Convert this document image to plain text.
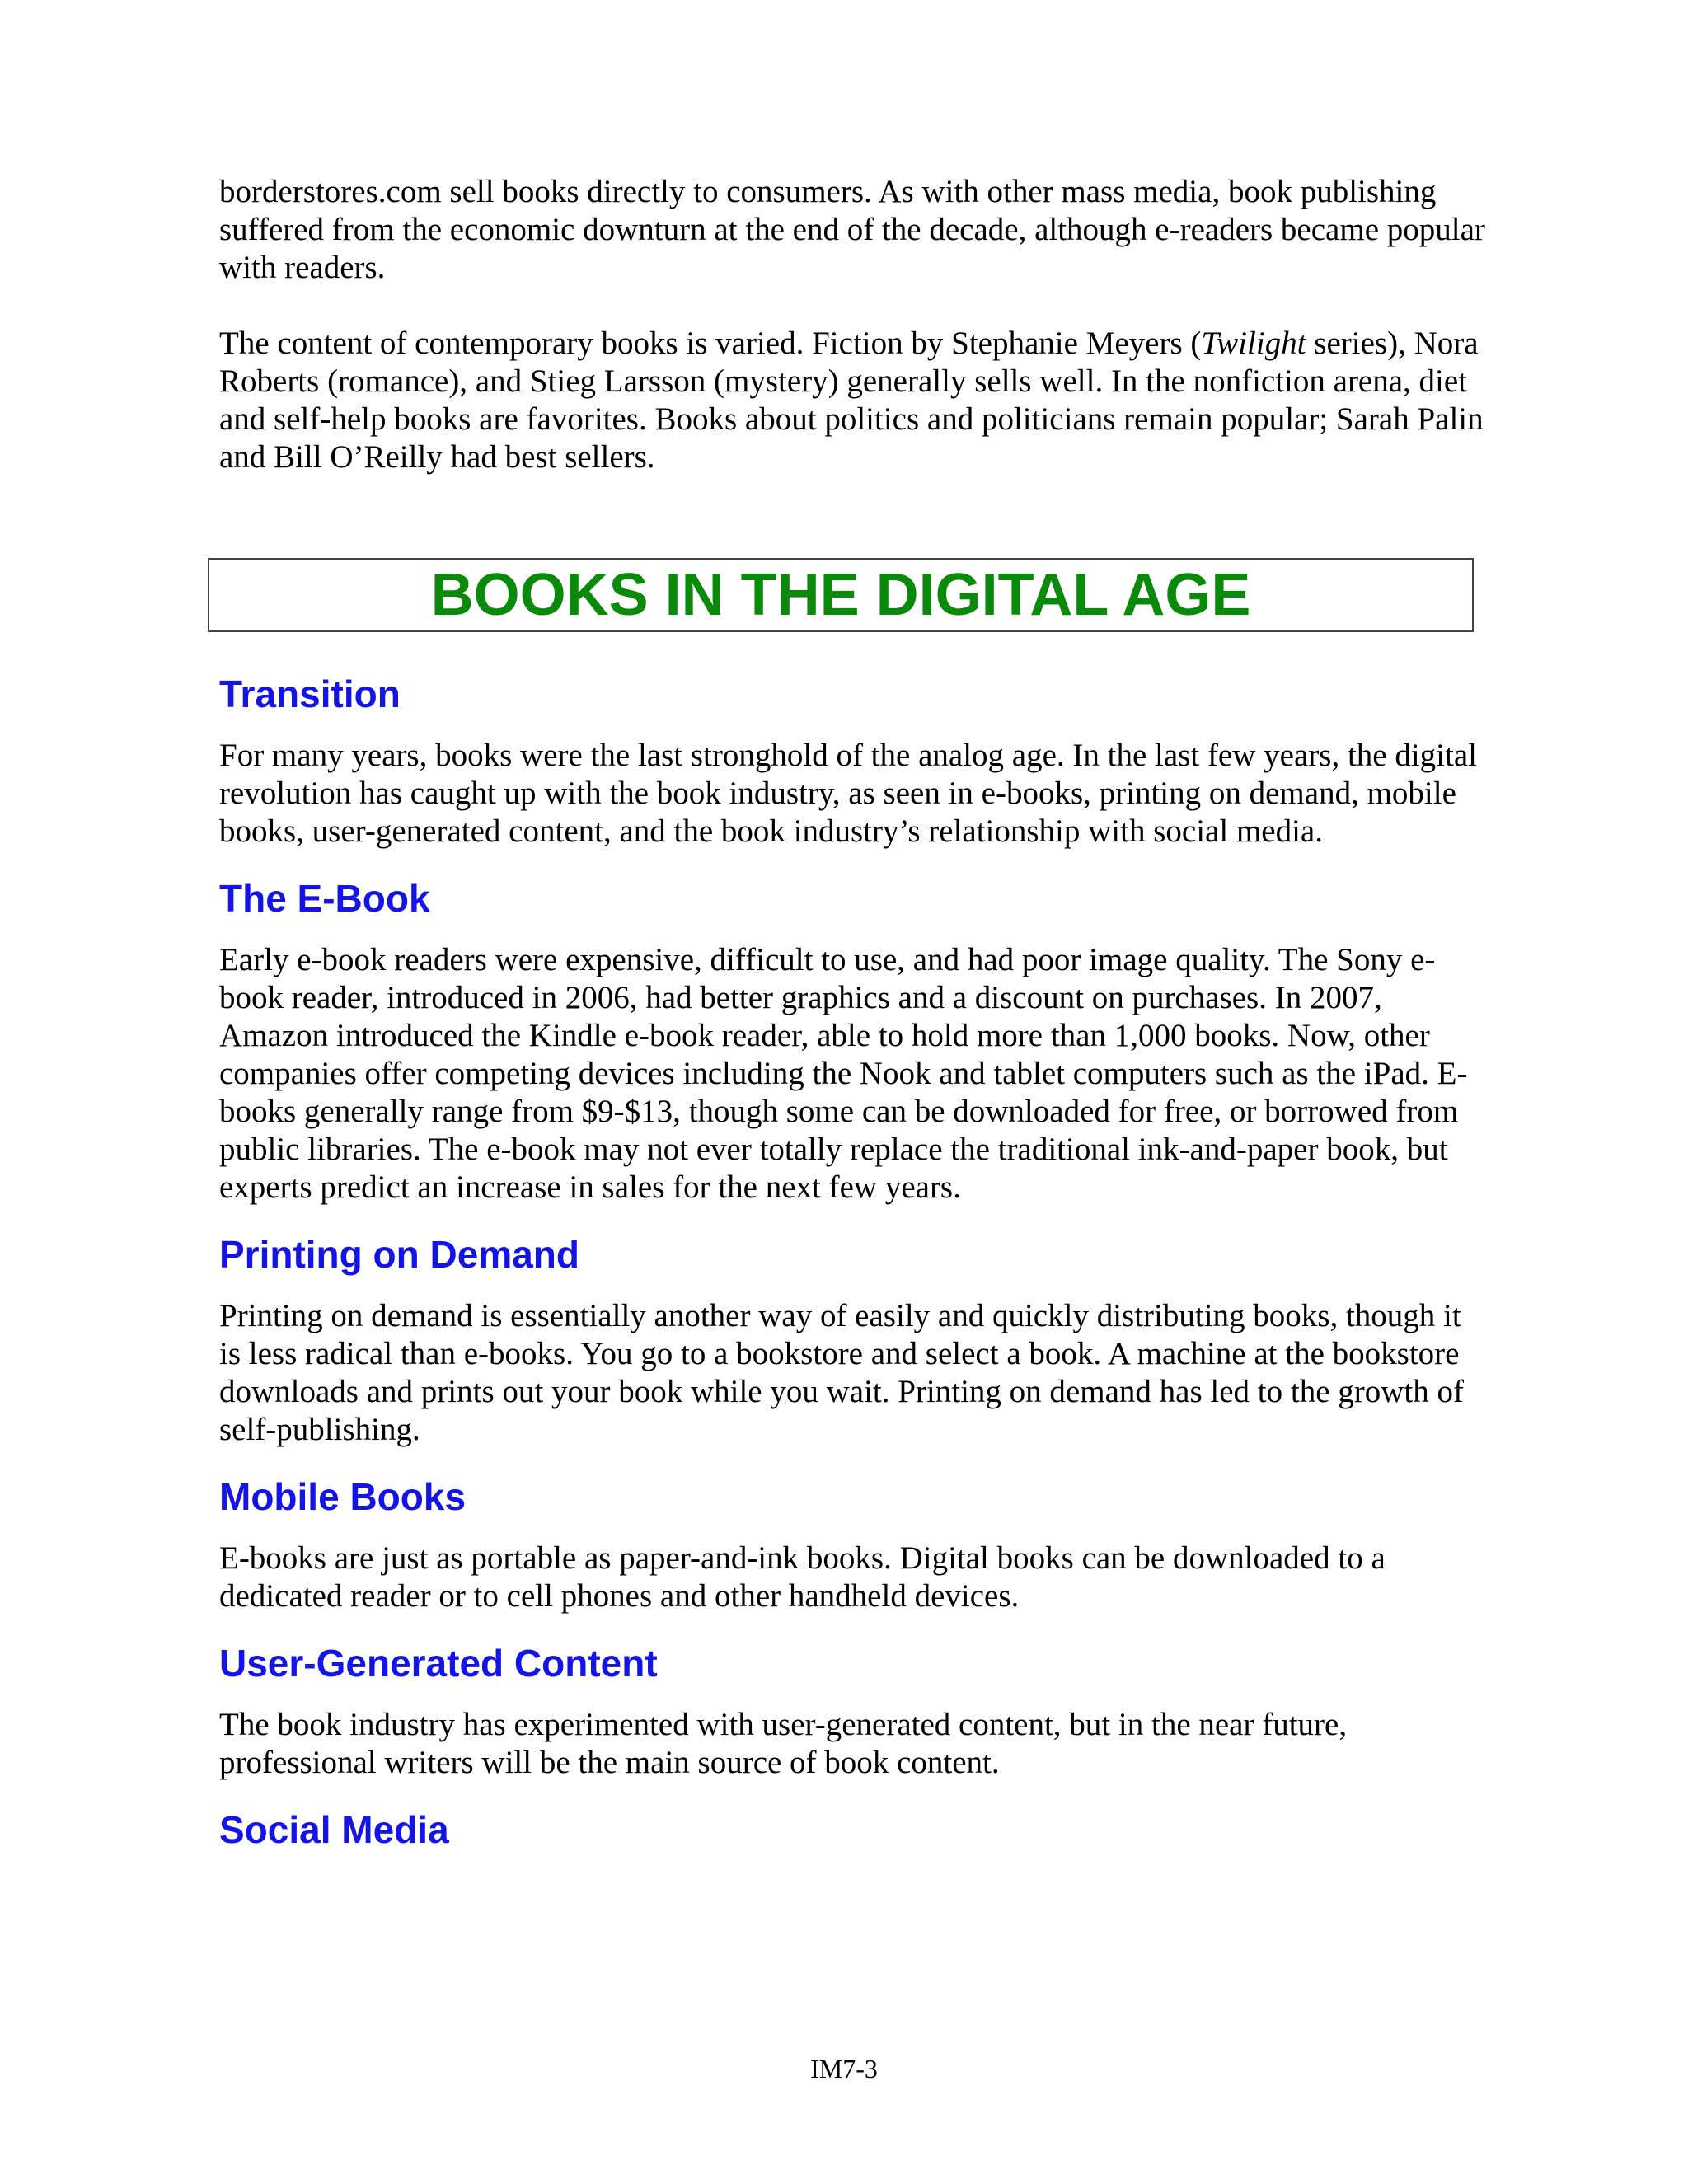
borderstores.com sell books directly to consumers. As with other mass media, book publishing suffered from the economic downturn at the end of the decade, although e-readers became popular with readers.

The content of contemporary books is varied. Fiction by Stephanie Meyers (Twilight series), Nora Roberts (romance), and Stieg Larsson (mystery) generally sells well. In the nonfiction arena, diet and self-help books are favorites. Books about politics and politicians remain popular; Sarah Palin and Bill O’Reilly had best sellers.

BOOKS IN THE DIGITAL AGE
Transition

For many years, books were the last stronghold of the analog age. In the last few years, the digital revolution has caught up with the book industry, as seen in e-books, printing on demand, mobile books, user-generated content, and the book industry’s relationship with social media.

The E-Book

Early e-book readers were expensive, difficult to use, and had poor image quality. The Sony e-book reader, introduced in 2006, had better graphics and a discount on purchases. In 2007, Amazon introduced the Kindle e-book reader, able to hold more than 1,000 books. Now, other companies offer competing devices including the Nook and tablet computers such as the iPad. E-books generally range from $9-$13, though some can be downloaded for free, or borrowed from public libraries. The e-book may not ever totally replace the traditional ink-and-paper book, but experts predict an increase in sales for the next few years.

Printing on Demand

Printing on demand is essentially another way of easily and quickly distributing books, though it is less radical than e-books. You go to a bookstore and select a book. A machine at the bookstore downloads and prints out your book while you wait. Printing on demand has led to the growth of self-publishing.

Mobile Books

E-books are just as portable as paper-and-ink books. Digital books can be downloaded to a dedicated reader or to cell phones and other handheld devices.

User-Generated Content

The book industry has experimented with user-generated content, but in the near future, professional writers will be the main source of book content.

Social Media
IM7-3
